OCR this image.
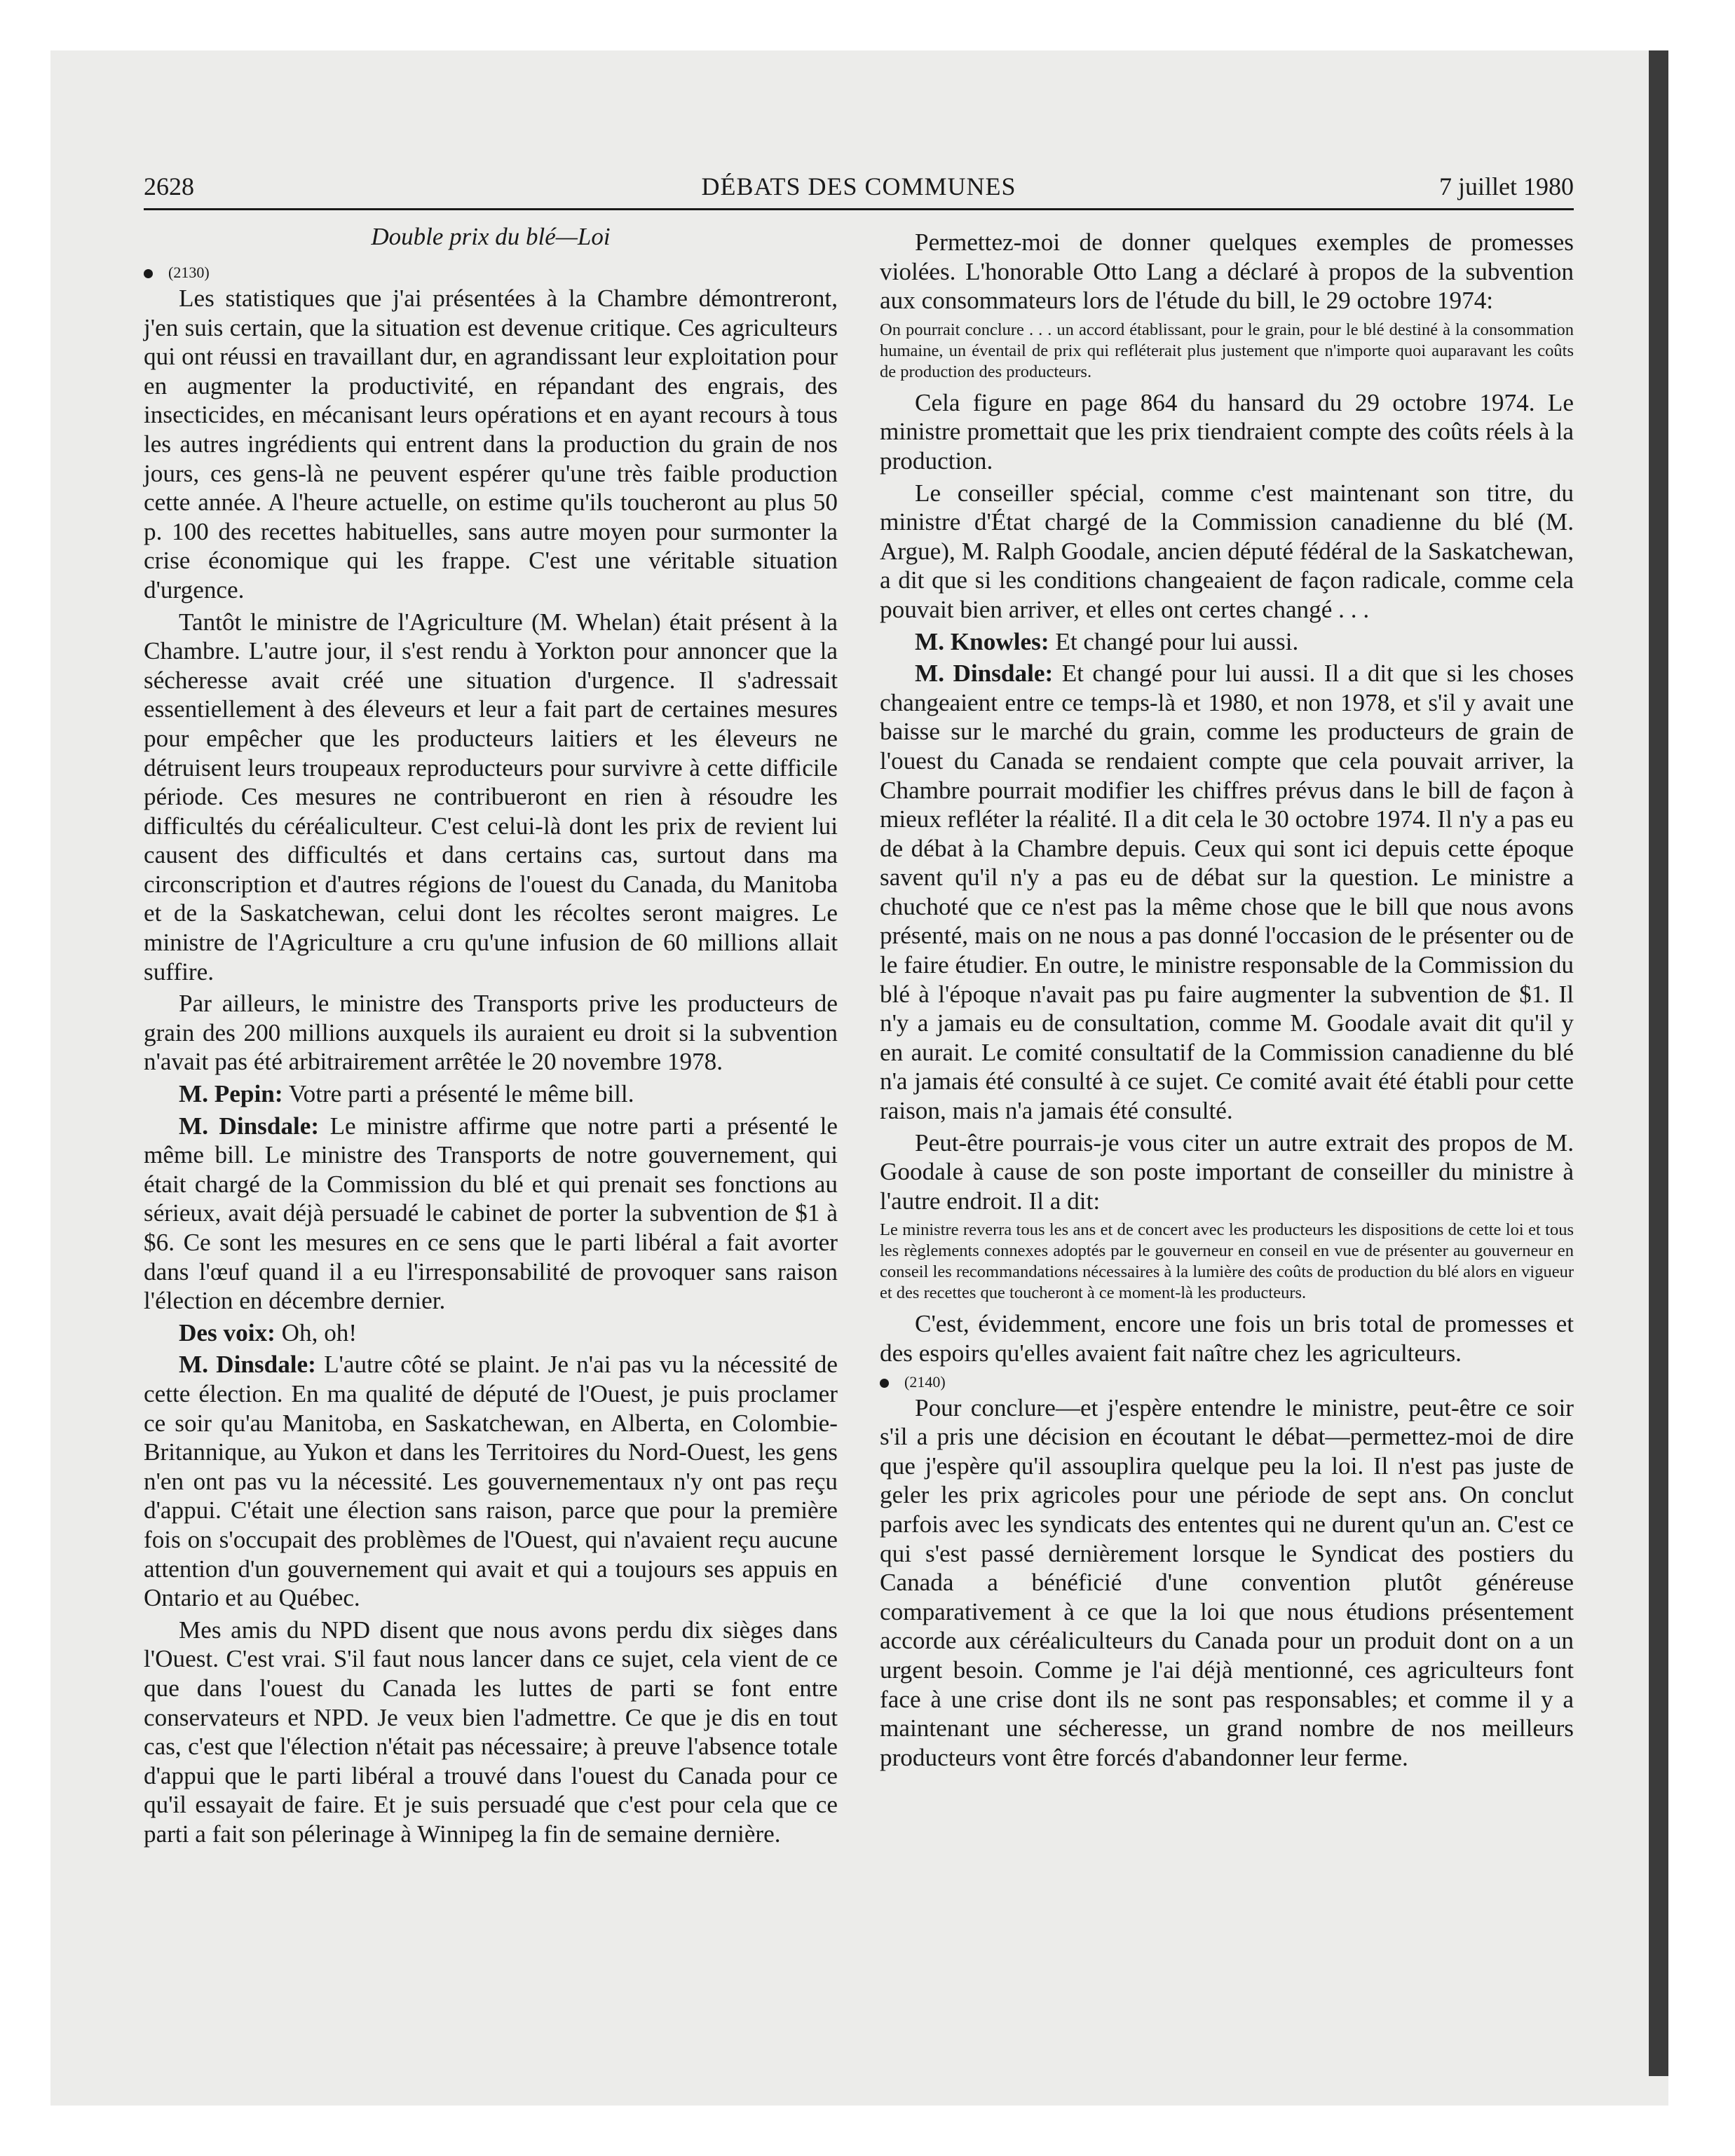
2628	DÉBATS DES COMMUNES	7 juillet 1980
Double prix du blé—Loi
(2130)

Les statistiques que j'ai présentées à la Chambre démontreront, j'en suis certain, que la situation est devenue critique. Ces agriculteurs qui ont réussi en travaillant dur, en agrandissant leur exploitation pour en augmenter la productivité, en répandant des engrais, des insecticides, en mécanisant leurs opérations et en ayant recours à tous les autres ingrédients qui entrent dans la production du grain de nos jours, ces gens-là ne peuvent espérer qu'une très faible production cette année. A l'heure actuelle, on estime qu'ils toucheront au plus 50 p. 100 des recettes habituelles, sans autre moyen pour surmonter la crise économique qui les frappe. C'est une véritable situation d'urgence.

Tantôt le ministre de l'Agriculture (M. Whelan) était présent à la Chambre. L'autre jour, il s'est rendu à Yorkton pour annoncer que la sécheresse avait créé une situation d'urgence. Il s'adressait essentiellement à des éleveurs et leur a fait part de certaines mesures pour empêcher que les producteurs laitiers et les éleveurs ne détruisent leurs troupeaux reproducteurs pour survivre à cette difficile période. Ces mesures ne contribueront en rien à résoudre les difficultés du céréaliculteur. C'est celui-là dont les prix de revient lui causent des difficultés et dans certains cas, surtout dans ma circonscription et d'autres régions de l'ouest du Canada, du Manitoba et de la Saskatchewan, celui dont les récoltes seront maigres. Le ministre de l'Agriculture a cru qu'une infusion de 60 millions allait suffire.

Par ailleurs, le ministre des Transports prive les producteurs de grain des 200 millions auxquels ils auraient eu droit si la subvention n'avait pas été arbitrairement arrêtée le 20 novembre 1978.

M. Pepin: Votre parti a présenté le même bill.

M. Dinsdale: Le ministre affirme que notre parti a présenté le même bill. Le ministre des Transports de notre gouvernement, qui était chargé de la Commission du blé et qui prenait ses fonctions au sérieux, avait déjà persuadé le cabinet de porter la subvention de $1 à $6. Ce sont les mesures en ce sens que le parti libéral a fait avorter dans l'œuf quand il a eu l'irresponsabilité de provoquer sans raison l'élection en décembre dernier.

Des voix: Oh, oh!

M. Dinsdale: L'autre côté se plaint. Je n'ai pas vu la nécessité de cette élection. En ma qualité de député de l'Ouest, je puis proclamer ce soir qu'au Manitoba, en Saskatchewan, en Alberta, en Colombie-Britannique, au Yukon et dans les Territoires du Nord-Ouest, les gens n'en ont pas vu la nécessité. Les gouvernementaux n'y ont pas reçu d'appui. C'était une élection sans raison, parce que pour la première fois on s'occupait des problèmes de l'Ouest, qui n'avaient reçu aucune attention d'un gouvernement qui avait et qui a toujours ses appuis en Ontario et au Québec.

Mes amis du NPD disent que nous avons perdu dix sièges dans l'Ouest. C'est vrai. S'il faut nous lancer dans ce sujet, cela vient de ce que dans l'ouest du Canada les luttes de parti se font entre conservateurs et NPD. Je veux bien l'admettre. Ce que je dis en tout cas, c'est que l'élection n'était pas nécessaire; à preuve l'absence totale d'appui que le parti libéral a trouvé dans l'ouest du Canada pour ce qu'il essayait de faire. Et je suis persuadé que c'est pour cela que ce parti a fait son pélerinage à Winnipeg la fin de semaine dernière.

Permettez-moi de donner quelques exemples de promesses violées. L'honorable Otto Lang a déclaré à propos de la subvention aux consommateurs lors de l'étude du bill, le 29 octobre 1974:

On pourrait conclure . . . un accord établissant, pour le grain, pour le blé destiné à la consommation humaine, un éventail de prix qui refléterait plus justement que n'importe quoi auparavant les coûts de production des producteurs.

Cela figure en page 864 du hansard du 29 octobre 1974. Le ministre promettait que les prix tiendraient compte des coûts réels à la production.

Le conseiller spécial, comme c'est maintenant son titre, du ministre d'État chargé de la Commission canadienne du blé (M. Argue), M. Ralph Goodale, ancien député fédéral de la Saskatchewan, a dit que si les conditions changeaient de façon radicale, comme cela pouvait bien arriver, et elles ont certes changé . . .

M. Knowles: Et changé pour lui aussi.

M. Dinsdale: Et changé pour lui aussi. Il a dit que si les choses changeaient entre ce temps-là et 1980, et non 1978, et s'il y avait une baisse sur le marché du grain, comme les producteurs de grain de l'ouest du Canada se rendaient compte que cela pouvait arriver, la Chambre pourrait modifier les chiffres prévus dans le bill de façon à mieux refléter la réalité. Il a dit cela le 30 octobre 1974. Il n'y a pas eu de débat à la Chambre depuis. Ceux qui sont ici depuis cette époque savent qu'il n'y a pas eu de débat sur la question. Le ministre a chuchoté que ce n'est pas la même chose que le bill que nous avons présenté, mais on ne nous a pas donné l'occasion de le présenter ou de le faire étudier. En outre, le ministre responsable de la Commission du blé à l'époque n'avait pas pu faire augmenter la subvention de $1. Il n'y a jamais eu de consultation, comme M. Goodale avait dit qu'il y en aurait. Le comité consultatif de la Commission canadienne du blé n'a jamais été consulté à ce sujet. Ce comité avait été établi pour cette raison, mais n'a jamais été consulté.

Peut-être pourrais-je vous citer un autre extrait des propos de M. Goodale à cause de son poste important de conseiller du ministre à l'autre endroit. Il a dit:

Le ministre reverra tous les ans et de concert avec les producteurs les dispositions de cette loi et tous les règlements connexes adoptés par le gouverneur en conseil en vue de présenter au gouverneur en conseil les recommandations nécessaires à la lumière des coûts de production du blé alors en vigueur et des recettes que toucheront à ce moment-là les producteurs.

C'est, évidemment, encore une fois un bris total de promesses et des espoirs qu'elles avaient fait naître chez les agriculteurs.

(2140)

Pour conclure—et j'espère entendre le ministre, peut-être ce soir s'il a pris une décision en écoutant le débat—permettez-moi de dire que j'espère qu'il assouplira quelque peu la loi. Il n'est pas juste de geler les prix agricoles pour une période de sept ans. On conclut parfois avec les syndicats des ententes qui ne durent qu'un an. C'est ce qui s'est passé dernièrement lorsque le Syndicat des postiers du Canada a bénéficié d'une convention plutôt généreuse comparativement à ce que la loi que nous étudions présentement accorde aux céréaliculteurs du Canada pour un produit dont on a un urgent besoin. Comme je l'ai déjà mentionné, ces agriculteurs font face à une crise dont ils ne sont pas responsables; et comme il y a maintenant une sécheresse, un grand nombre de nos meilleurs producteurs vont être forcés d'abandonner leur ferme.
